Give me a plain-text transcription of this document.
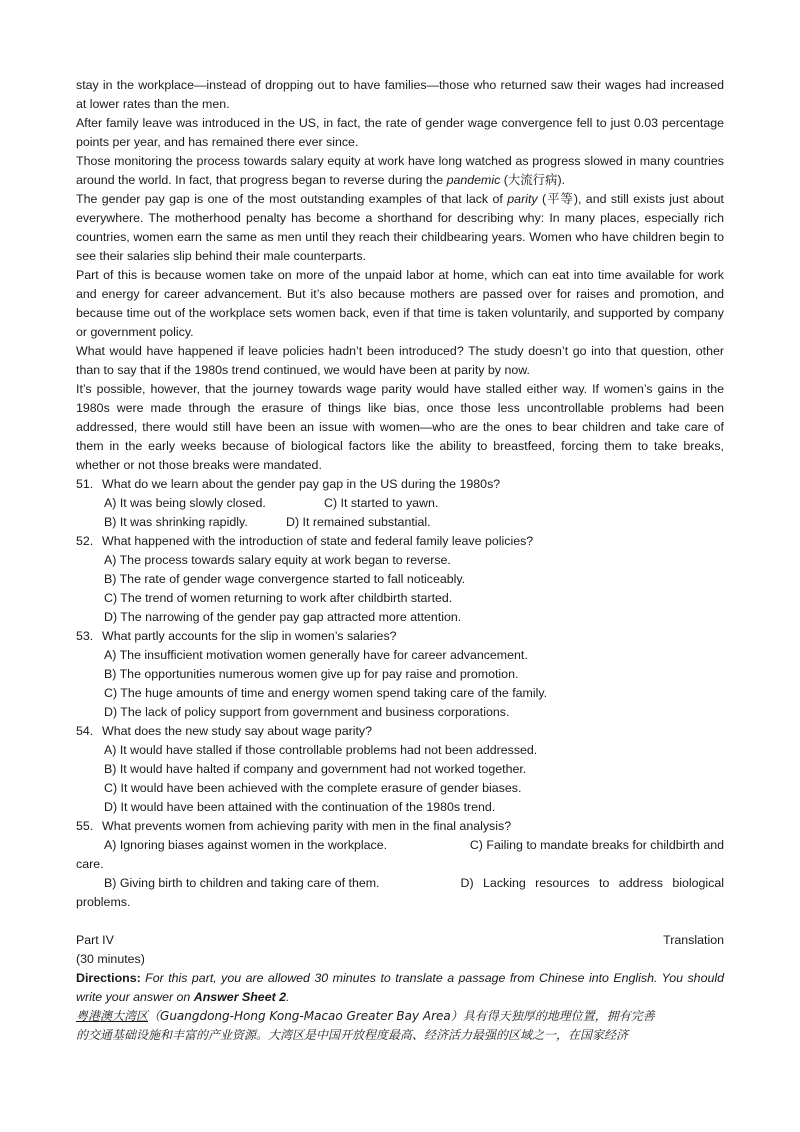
stay in the workplace—instead of dropping out to have families—those who returned saw their wages had increased at lower rates than the men.

After family leave was introduced in the US, in fact, the rate of gender wage convergence fell to just 0.03 percentage points per year, and has remained there ever since.

Those monitoring the process towards salary equity at work have long watched as progress slowed in many countries around the world. In fact, that progress began to reverse during the pandemic (大流行病).

The gender pay gap is one of the most outstanding examples of that lack of parity (平等), and still exists just about everywhere. The motherhood penalty has become a shorthand for describing why: In many places, especially rich countries, women earn the same as men until they reach their childbearing years. Women who have children begin to see their salaries slip behind their male counterparts.

Part of this is because women take on more of the unpaid labor at home, which can eat into time available for work and energy for career advancement. But it’s also because mothers are passed over for raises and promotion, and because time out of the workplace sets women back, even if that time is taken voluntarily, and supported by company or government policy.

What would have happened if leave policies hadn’t been introduced? The study doesn’t go into that question, other than to say that if the 1980s trend continued, we would have been at parity by now.

It’s possible, however, that the journey towards wage parity would have stalled either way. If women’s gains in the 1980s were made through the erasure of things like bias, once those less uncontrollable problems had been addressed, there would still have been an issue with women—who are the ones to bear children and take care of them in the early weeks because of biological factors like the ability to breastfeed, forcing them to take breaks, whether or not those breaks were mandated.

51. What do we learn about the gender pay gap in the US during the 1980s?
A) It was being slowly closed.	C) It started to yawn.
B) It was shrinking rapidly.	D) It remained substantial.
52. What happened with the introduction of state and federal family leave policies?

A) The process towards salary equity at work began to reverse.

B) The rate of gender wage convergence started to fall noticeably.

C) The trend of women returning to work after childbirth started.

D) The narrowing of the gender pay gap attracted more attention.

53. What partly accounts for the slip in women’s salaries?

A) The insufficient motivation women generally have for career advancement.

B) The opportunities numerous women give up for pay raise and promotion.

C) The huge amounts of time and energy women spend taking care of the family.

D) The lack of policy support from government and business corporations.

54. What does the new study say about wage parity?

A) It would have stalled if those controllable problems had not been addressed.

B) It would have halted if company and government had not worked together.

C) It would have been achieved with the complete erasure of gender biases.

D) It would have been attained with the continuation of the 1980s trend.

55. What prevents women from achieving parity with men in the final analysis?
A) Ignoring biases against women in the workplace.	C) Failing to mandate breaks for childbirth and

care.

B) Giving birth to children and taking care of them.	D) Lacking resources to address biological

problems.

Part IV	Translation

(30 minutes)

Directions: For this part, you are allowed 30 minutes to translate a passage from Chinese into English. You should write your answer on Answer Sheet 2.

粤港澳大湾区（Guangdong-Hong Kong-Macao Greater Bay Area）具有得天独厚的地理位置，拥有完善

的交通基础设施和丰富的产业资源。大湾区是中国开放程度最高、经济活力最强的区域之一，在国家经济
